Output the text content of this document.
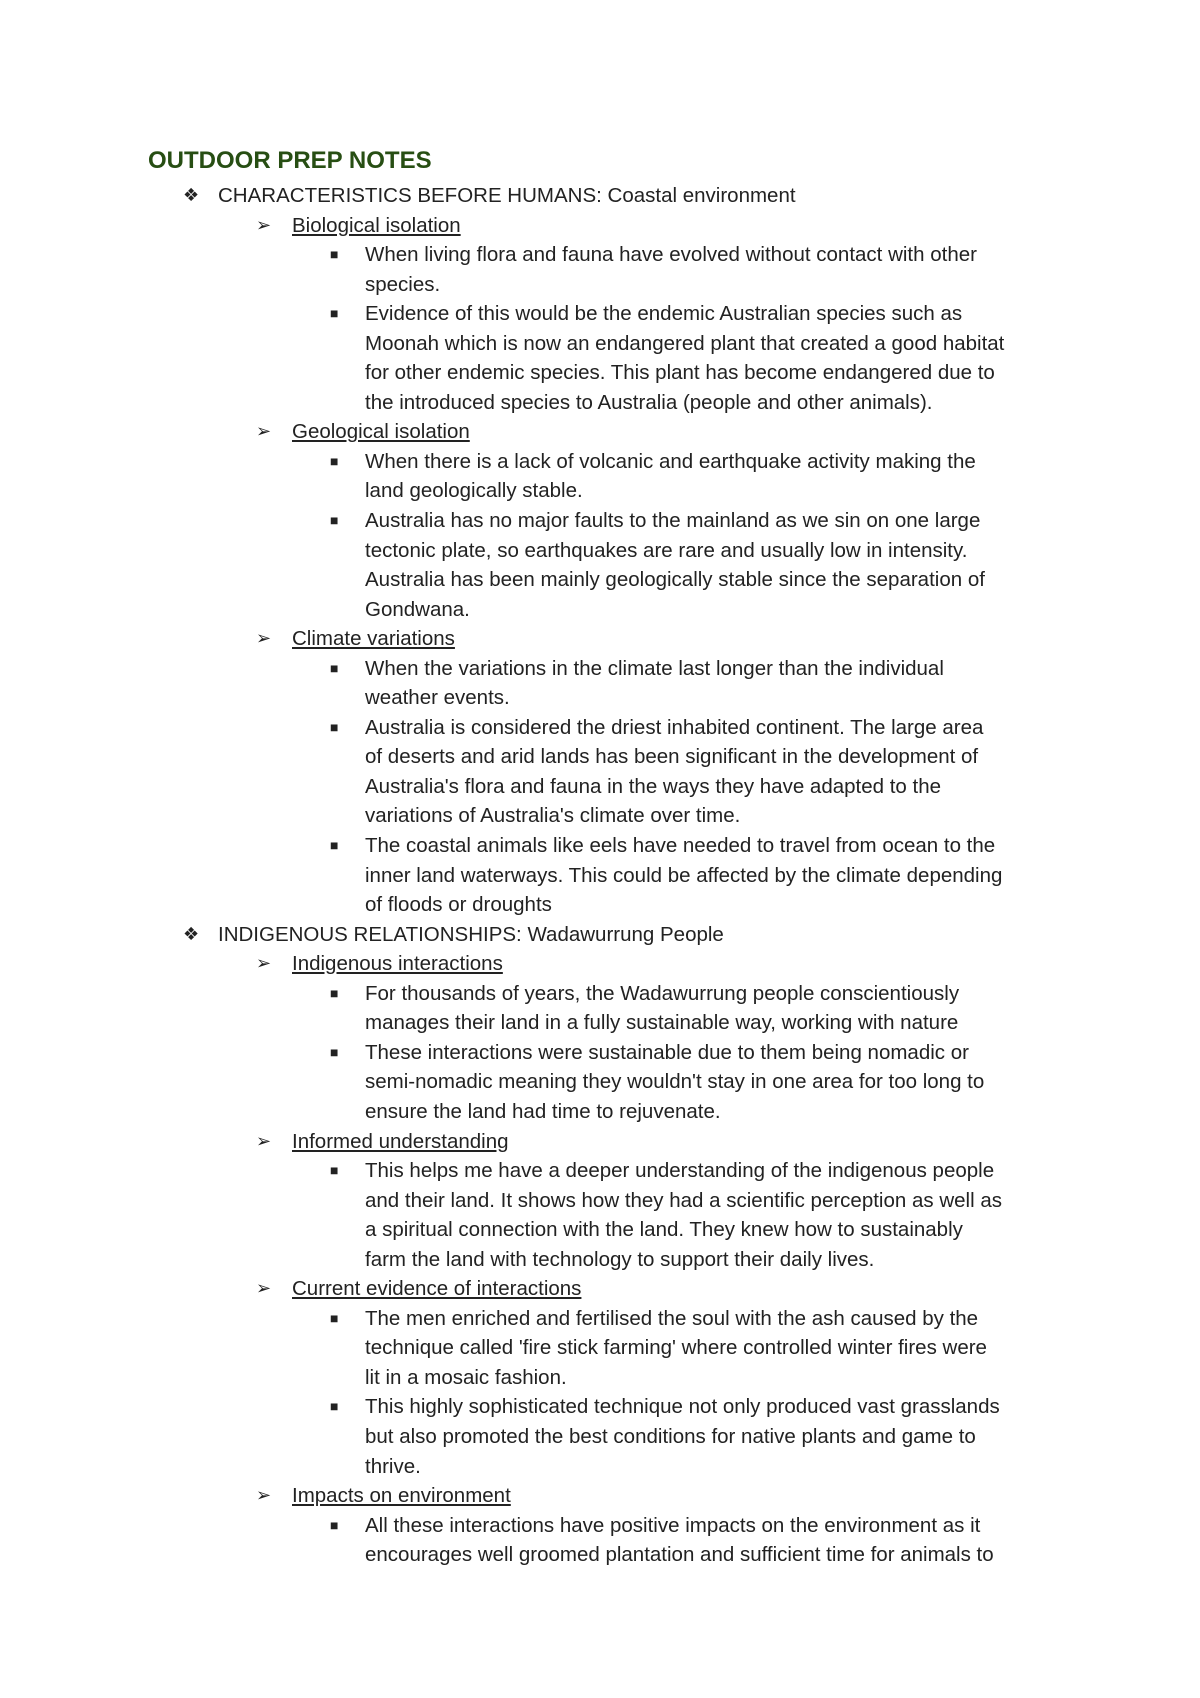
OUTDOOR PREP NOTES
❖ CHARACTERISTICS BEFORE HUMANS: Coastal environment
➢ Biological isolation
■ When living flora and fauna have evolved without contact with other
species.
■ Evidence of this would be the endemic Australian species such as
Moonah which is now an endangered plant that created a good habitat
for other endemic species. This plant has become endangered due to
the introduced species to Australia (people and other animals).
➢ Geological isolation
■ When there is a lack of volcanic and earthquake activity making the
land geologically stable.
■ Australia has no major faults to the mainland as we sin on one large
tectonic plate, so earthquakes are rare and usually low in intensity.
Australia has been mainly geologically stable since the separation of
Gondwana.
➢ Climate variations
■ When the variations in the climate last longer than the individual
weather events.
■ Australia is considered the driest inhabited continent. The large area
of deserts and arid lands has been significant in the development of
Australia's flora and fauna in the ways they have adapted to the
variations of Australia's climate over time.
■ The coastal animals like eels have needed to travel from ocean to the
inner land waterways. This could be affected by the climate depending
of floods or droughts
❖ INDIGENOUS RELATIONSHIPS: Wadawurrung People
➢ Indigenous interactions
■ For thousands of years, the Wadawurrung people conscientiously
manages their land in a fully sustainable way, working with nature
■ These interactions were sustainable due to them being nomadic or
semi-nomadic meaning they wouldn't stay in one area for too long to
ensure the land had time to rejuvenate.
➢ Informed understanding
■ This helps me have a deeper understanding of the indigenous people
and their land. It shows how they had a scientific perception as well as
a spiritual connection with the land. They knew how to sustainably
farm the land with technology to support their daily lives.
➢ Current evidence of interactions
■ The men enriched and fertilised the soul with the ash caused by the
technique called 'fire stick farming' where controlled winter fires were
lit in a mosaic fashion.
■ This highly sophisticated technique not only produced vast grasslands
but also promoted the best conditions for native plants and game to
thrive.
➢ Impacts on environment
■ All these interactions have positive impacts on the environment as it
encourages well groomed plantation and sufficient time for animals to
